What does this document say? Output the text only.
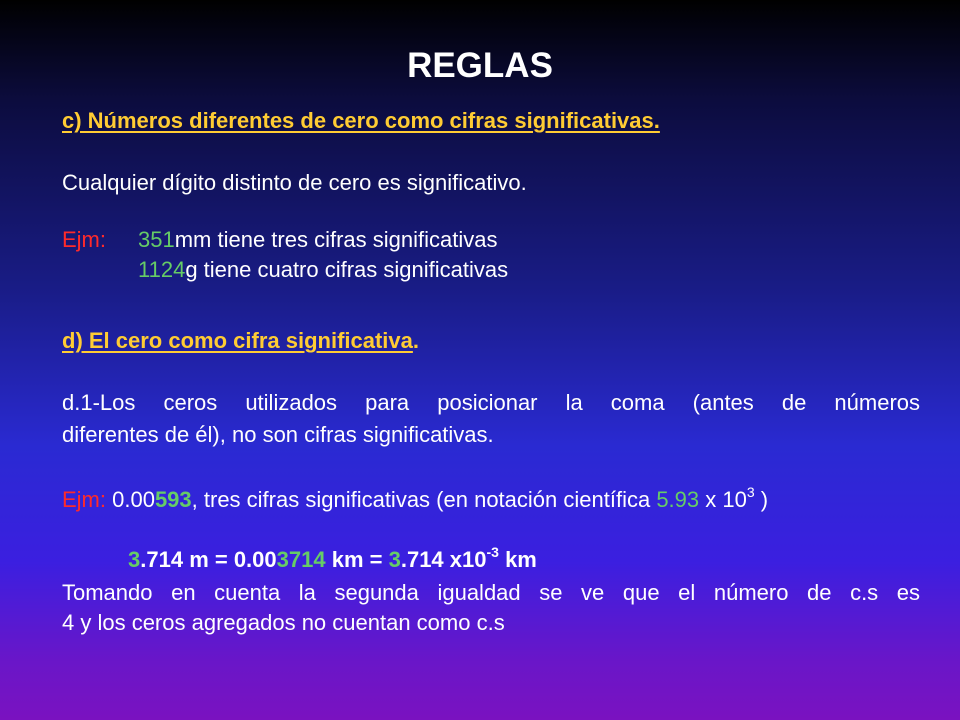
REGLAS
c) Números diferentes de cero como cifras significativas.
Cualquier dígito distinto de cero es significativo.
Ejm: 351mm tiene tres cifras significativas
1124g tiene cuatro cifras significativas
d) El cero como cifra significativa.
d.1-Los ceros utilizados para posicionar la coma (antes de números
diferentes de él), no son cifras significativas.
Ejm: 0.00593, tres cifras significativas (en notación científica 5.93 x $10^3$ )
3.714 m = 0.003714 km = 3.714 $x10^{-3}$ km
Tomando en cuenta la segunda igualdad se ve que el número de c.s es
4 y los ceros agregados no cuentan como c.s
